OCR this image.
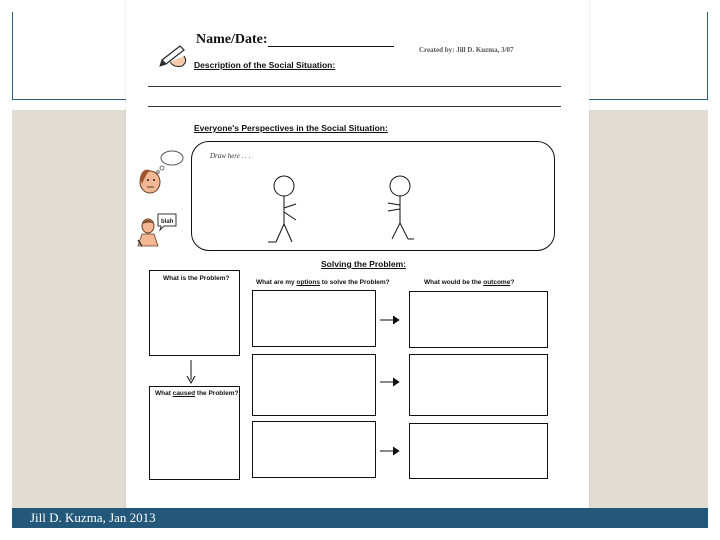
Jill D. Kuzma, Jan 2013
Name/Date:
Created by: Jill D. Kuzma, 3/07
Description of the Social Situation:
Everyone's Perspectives in the Social Situation:
blah
Draw here . . .
Solving the Problem:
What is the Problem?
What caused the Problem?
What are my options to solve the Problem?	What would be the outcome?
